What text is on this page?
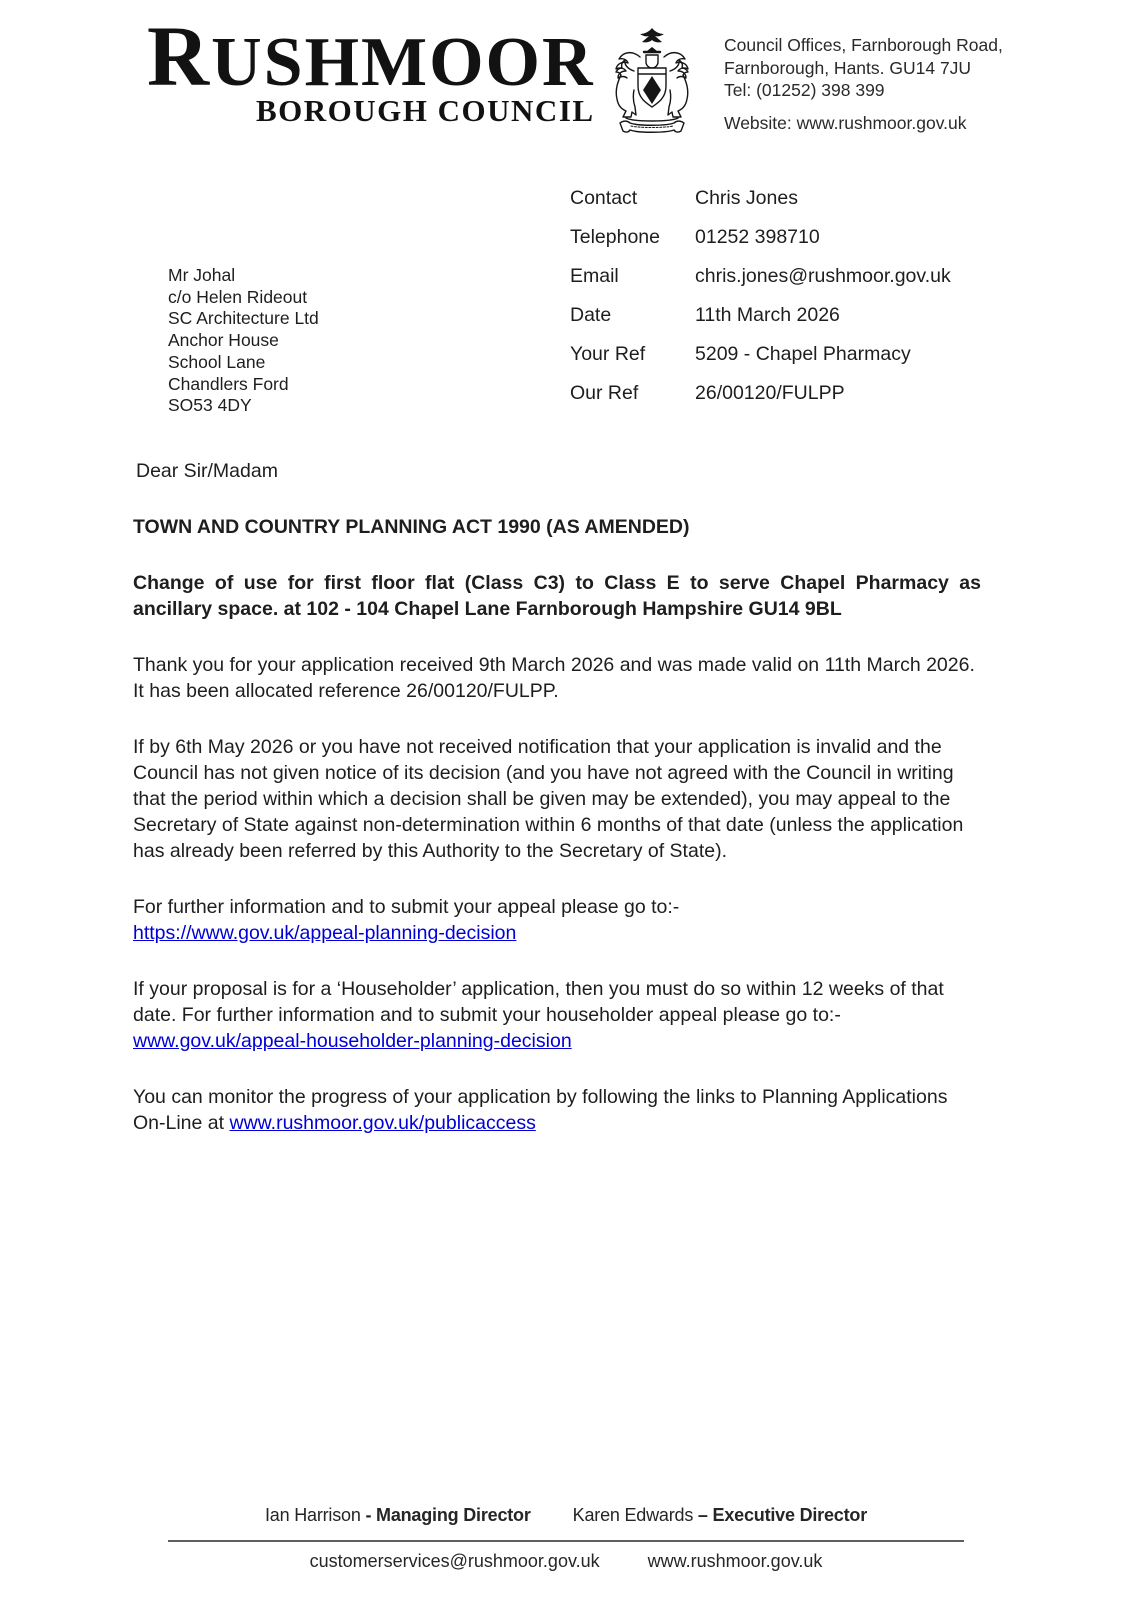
RUSHMOOR
BOROUGH COUNCIL
Council Offices, Farnborough Road,
Farnborough, Hants. GU14 7JU
Tel: (01252) 398 399
Website: www.rushmoor.gov.uk
Contact	Chris Jones
Telephone	01252 398710
Email	chris.jones@rushmoor.gov.uk
Date	11th March 2026
Your Ref	5209 - Chapel Pharmacy
Our Ref	26/00120/FULPP
Mr Johal
c/o Helen Rideout
SC Architecture Ltd
Anchor House
School Lane
Chandlers Ford
SO53 4DY

Dear Sir/Madam

TOWN AND COUNTRY PLANNING ACT 1990 (AS AMENDED)

Change of use for first floor flat (Class C3) to Class E to serve Chapel Pharmacy as ancillary space. at 102 - 104 Chapel Lane Farnborough Hampshire GU14 9BL

Thank you for your application received 9th March 2026 and was made valid on 11th March 2026.  It has been allocated reference 26/00120/FULPP.

If by 6th May 2026 or you have not received notification that your application is invalid and the Council has not given notice of its decision (and you have not agreed with the Council in writing that the period within which a decision shall be given may be extended), you may appeal to the Secretary of State against non-determination within 6 months of that date (unless the application has already been referred by this Authority to the Secretary of State).

For further information and to submit your appeal please go to:-
https://www.gov.uk/appeal-planning-decision

If your proposal is for a ‘Householder’ application, then you must do so within 12 weeks of that date. For further information and to submit your householder appeal please go to:- www.gov.uk/appeal-householder-planning-decision

You can monitor the progress of your application by following the links to Planning Applications On-Line at www.rushmoor.gov.uk/publicaccess

Ian Harrison - Managing Director Karen Edwards – Executive Director
customerservices@rushmoor.gov.uk	www.rushmoor.gov.uk
